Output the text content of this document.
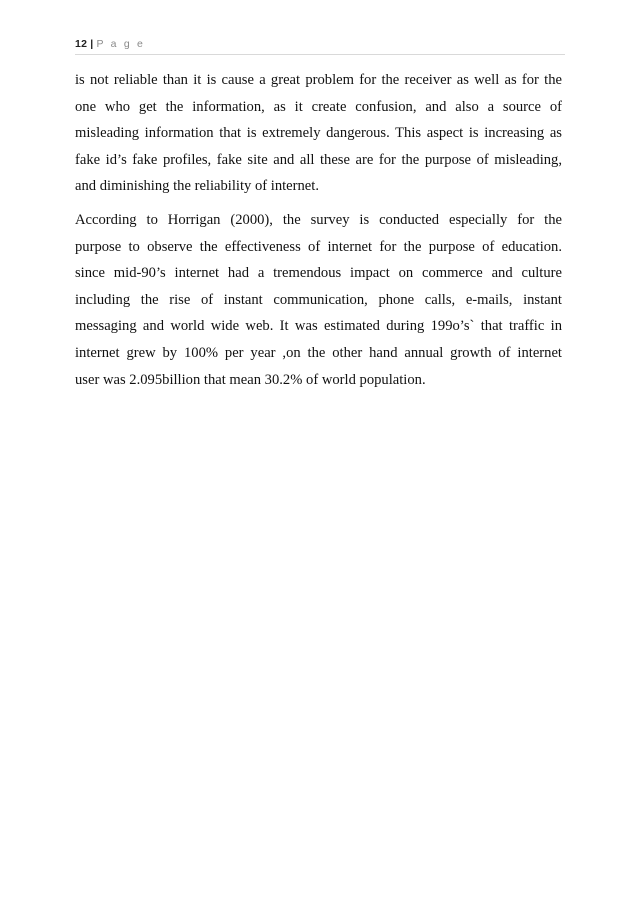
12 | P a g e

is not reliable than it is cause a great problem for the receiver as well as for the
one who get the information, as it create confusion, and also a source of
misleading information that is extremely dangerous. This aspect is increasing as
fake id’s fake profiles, fake site and all these are for the purpose of misleading,
and diminishing the reliability of internet.

According to Horrigan (2000), the survey is conducted especially for the
purpose to observe the effectiveness of internet for the purpose of education.
since mid-90’s internet had a tremendous impact on commerce and culture
including the rise of instant communication, phone calls, e-mails, instant
messaging and world wide web. It was estimated during 199o’s` that traffic in
internet grew by 100% per year ,on the other hand annual growth of internet
user was 2.095billion that mean 30.2% of world population.
